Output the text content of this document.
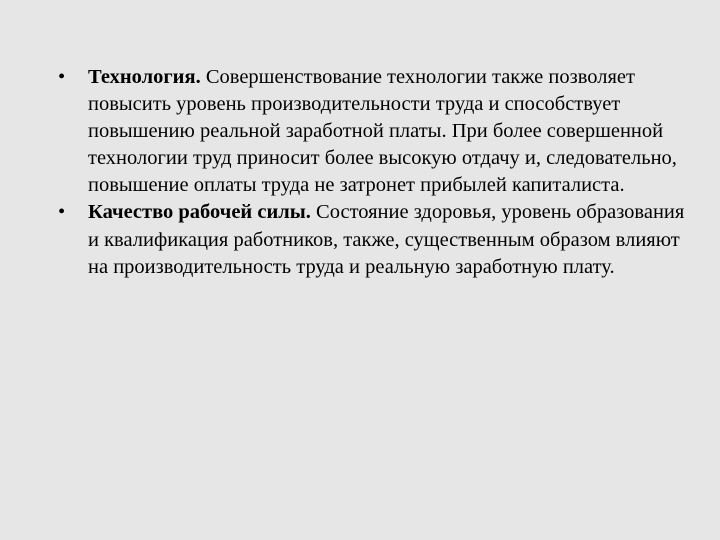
•	Технология. Совершенствование технологии также позволяет повысить уровень производительности труда и способствует повышению реальной заработной платы. При более совершенной технологии труд приносит более высокую отдачу и, следовательно, повышение оплаты труда не затронет прибылей капиталиста.

•	Качество рабочей силы. Состояние здоровья, уровень образования и квалификация работников, также, существенным образом влияют на производительность труда и реальную заработную плату.
